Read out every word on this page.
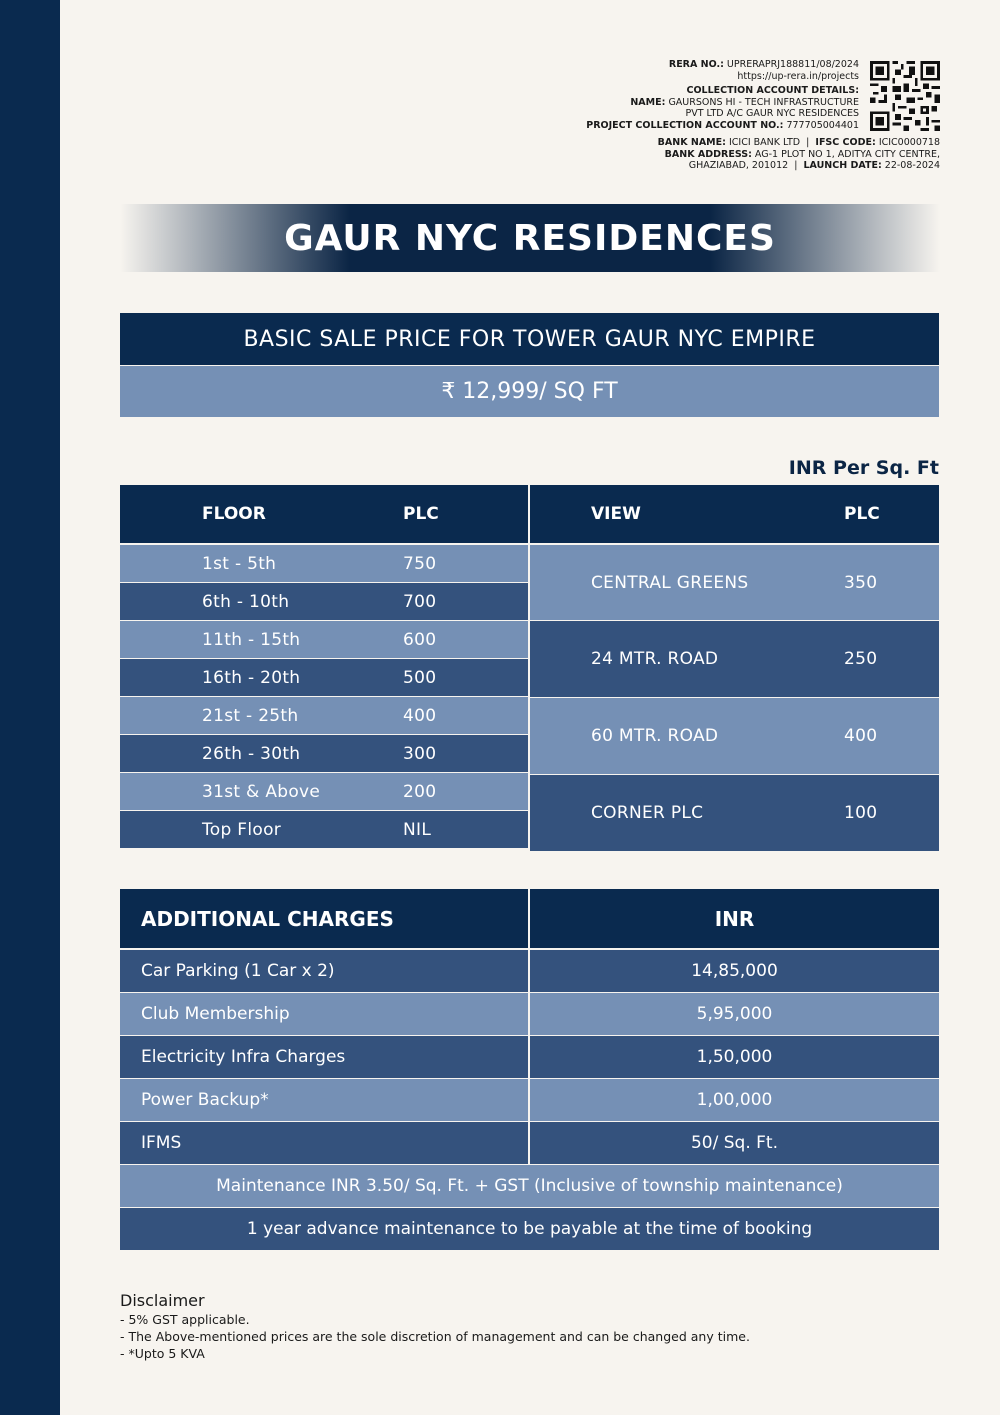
RERA NO.: UPRERAPRJ188811/08/2024
https://up-rera.in/projects
COLLECTION ACCOUNT DETAILS:
NAME: GAURSONS HI - TECH INFRASTRUCTURE
PVT LTD A/C GAUR NYC RESIDENCES
PROJECT COLLECTION ACCOUNT NO.: 777705004401
BANK NAME: ICICI BANK LTD  |  IFSC CODE: ICIC0000718
BANK ADDRESS: AG-1 PLOT NO 1, ADITYA CITY CENTRE,
GHAZIABAD, 201012  |  LAUNCH DATE: 22-08-2024
GAUR NYC RESIDENCES
BASIC SALE PRICE FOR TOWER GAUR NYC EMPIRE
₹ 12,999/ SQ FT
INR Per Sq. Ft
FLOOR	PLC
1st - 5th	750
6th - 10th	700
11th - 15th	600
16th - 20th	500
21st - 25th	400
26th - 30th	300
31st & Above	200
Top Floor	NIL
VIEW	PLC
CENTRAL GREENS	350
24 MTR. ROAD	250
60 MTR. ROAD	400
CORNER PLC	100
ADDITIONAL CHARGES	INR
Car Parking (1 Car x 2)	14,85,000
Club Membership	5,95,000
Electricity Infra Charges	1,50,000
Power Backup*	1,00,000
IFMS	50/ Sq. Ft.
Maintenance INR 3.50/ Sq. Ft. + GST (Inclusive of township maintenance)
1 year advance maintenance to be payable at the time of booking
Disclaimer
- 5% GST applicable.
- The Above-mentioned prices are the sole discretion of management and can be changed any time.
- *Upto 5 KVA
